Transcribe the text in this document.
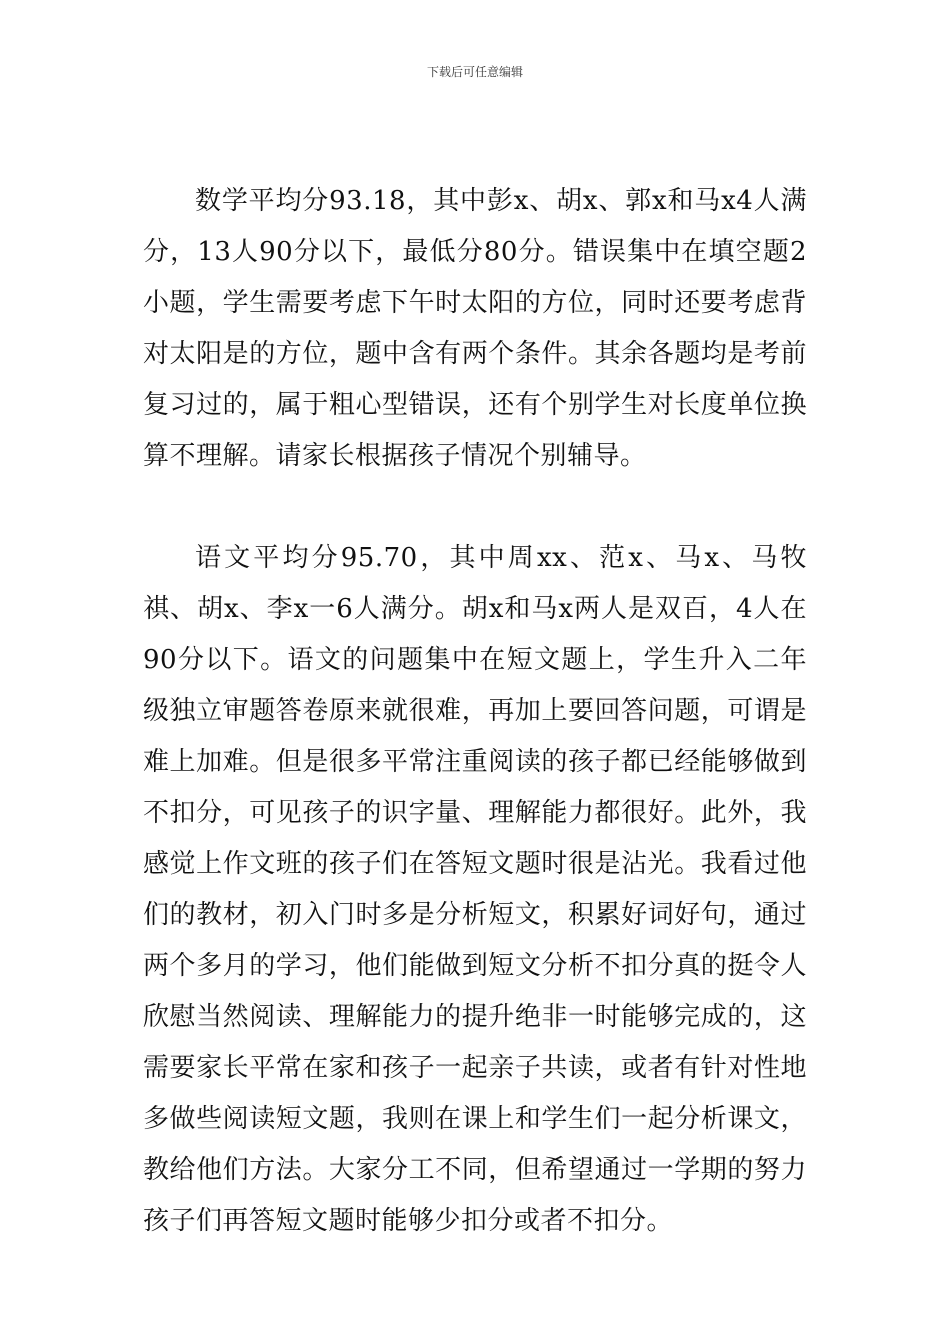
下载后可任意编辑

数学平均分93.18，其中彭x、胡x、郭x和马x4人满分，13人90分以下，最低分80分。错误集中在填空题2小题，学生需要考虑下午时太阳的方位，同时还要考虑背对太阳是的方位，题中含有两个条件。其余各题均是考前复习过的，属于粗心型错误，还有个别学生对长度单位换算不理解。请家长根据孩子情况个别辅导。

语文平均分95.70，其中周xx、范x、马x、马牧祺、胡x、李x一6人满分。胡x和马x两人是双百，4人在90分以下。语文的问题集中在短文题上，学生升入二年级独立审题答卷原来就很难，再加上要回答问题，可谓是难上加难。但是很多平常注重阅读的孩子都已经能够做到不扣分，可见孩子的识字量、理解能力都很好。此外，我感觉上作文班的孩子们在答短文题时很是沾光。我看过他们的教材，初入门时多是分析短文，积累好词好句，通过两个多月的学习，他们能做到短文分析不扣分真的挺令人欣慰当然阅读、理解能力的提升绝非一时能够完成的，这需要家长平常在家和孩子一起亲子共读，或者有针对性地多做些阅读短文题，我则在课上和学生们一起分析课文，教给他们方法。大家分工不同，但希望通过一学期的努力孩子们再答短文题时能够少扣分或者不扣分。
